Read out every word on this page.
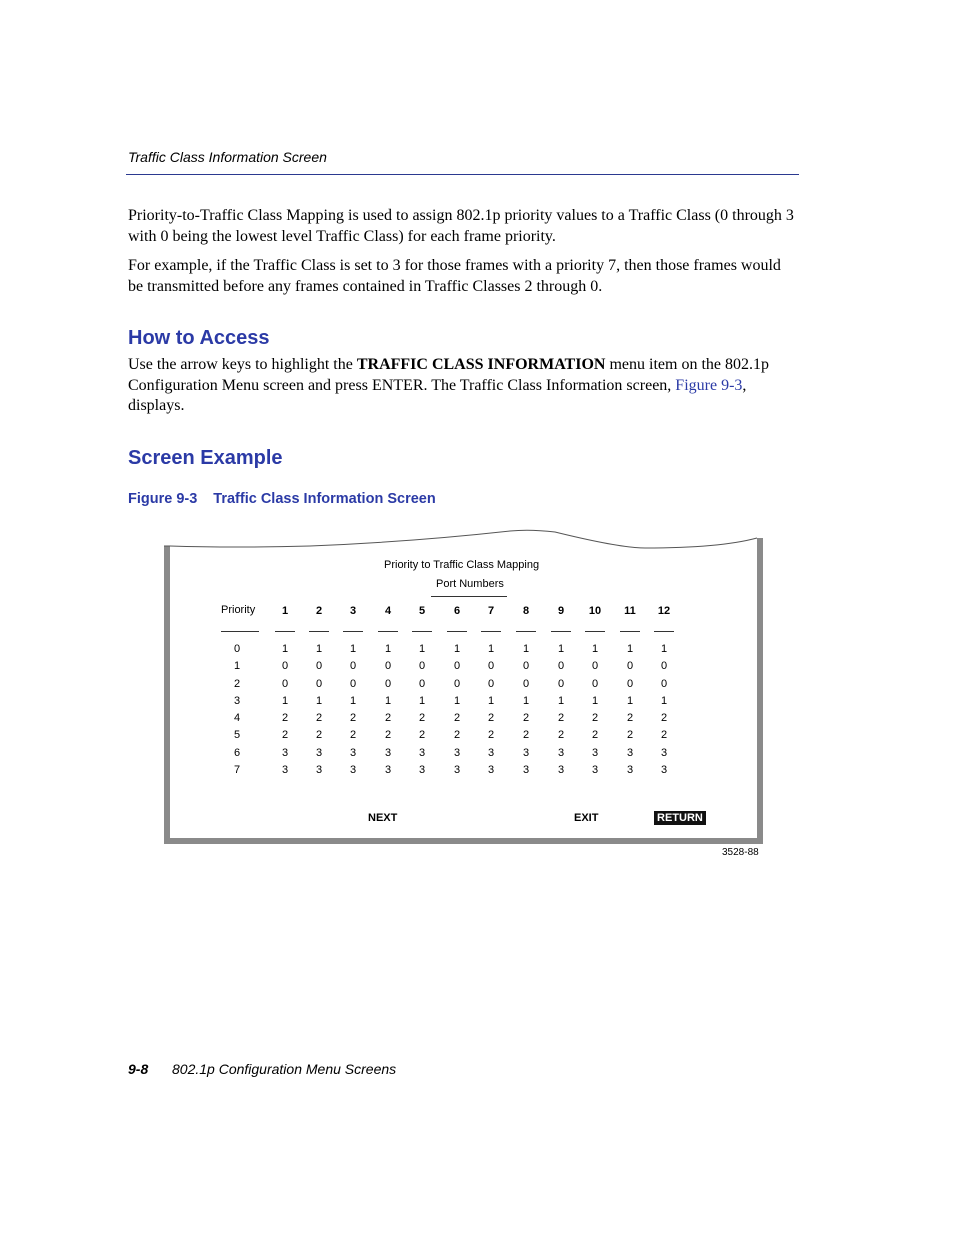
Traffic Class Information Screen

Priority-to-Traffic Class Mapping is used to assign 802.1p priority values to a Traffic Class (0 through 3 with 0 being the lowest level Traffic Class) for each frame priority.

For example, if the Traffic Class is set to 3 for those frames with a priority 7, then those frames would be transmitted before any frames contained in Traffic Classes 2 through 0.

How to Access

Use the arrow keys to highlight the TRAFFIC CLASS INFORMATION menu item on the 802.1p Configuration Menu screen and press ENTER. The Traffic Class Information screen, Figure 9-3, displays.

Screen Example
Figure 9-3 Traffic Class Information Screen
Priority to Traffic Class Mapping
Port Numbers
Priority	1	2	3	4	5	6	7	8	9	10	11	12
0	1	1	1	1	1	1	1	1	1	1	1	1
1	0	0	0	0	0	0	0	0	0	0	0	0
2	0	0	0	0	0	0	0	0	0	0	0	0
3	1	1	1	1	1	1	1	1	1	1	1	1
4	2	2	2	2	2	2	2	2	2	2	2	2
5	2	2	2	2	2	2	2	2	2	2	2	2
6	3	3	3	3	3	3	3	3	3	3	3	3
7	3	3	3	3	3	3	3	3	3	3	3	3
NEXT	EXIT	RETURN
3528-88
9-8 802.1p Configuration Menu Screens
